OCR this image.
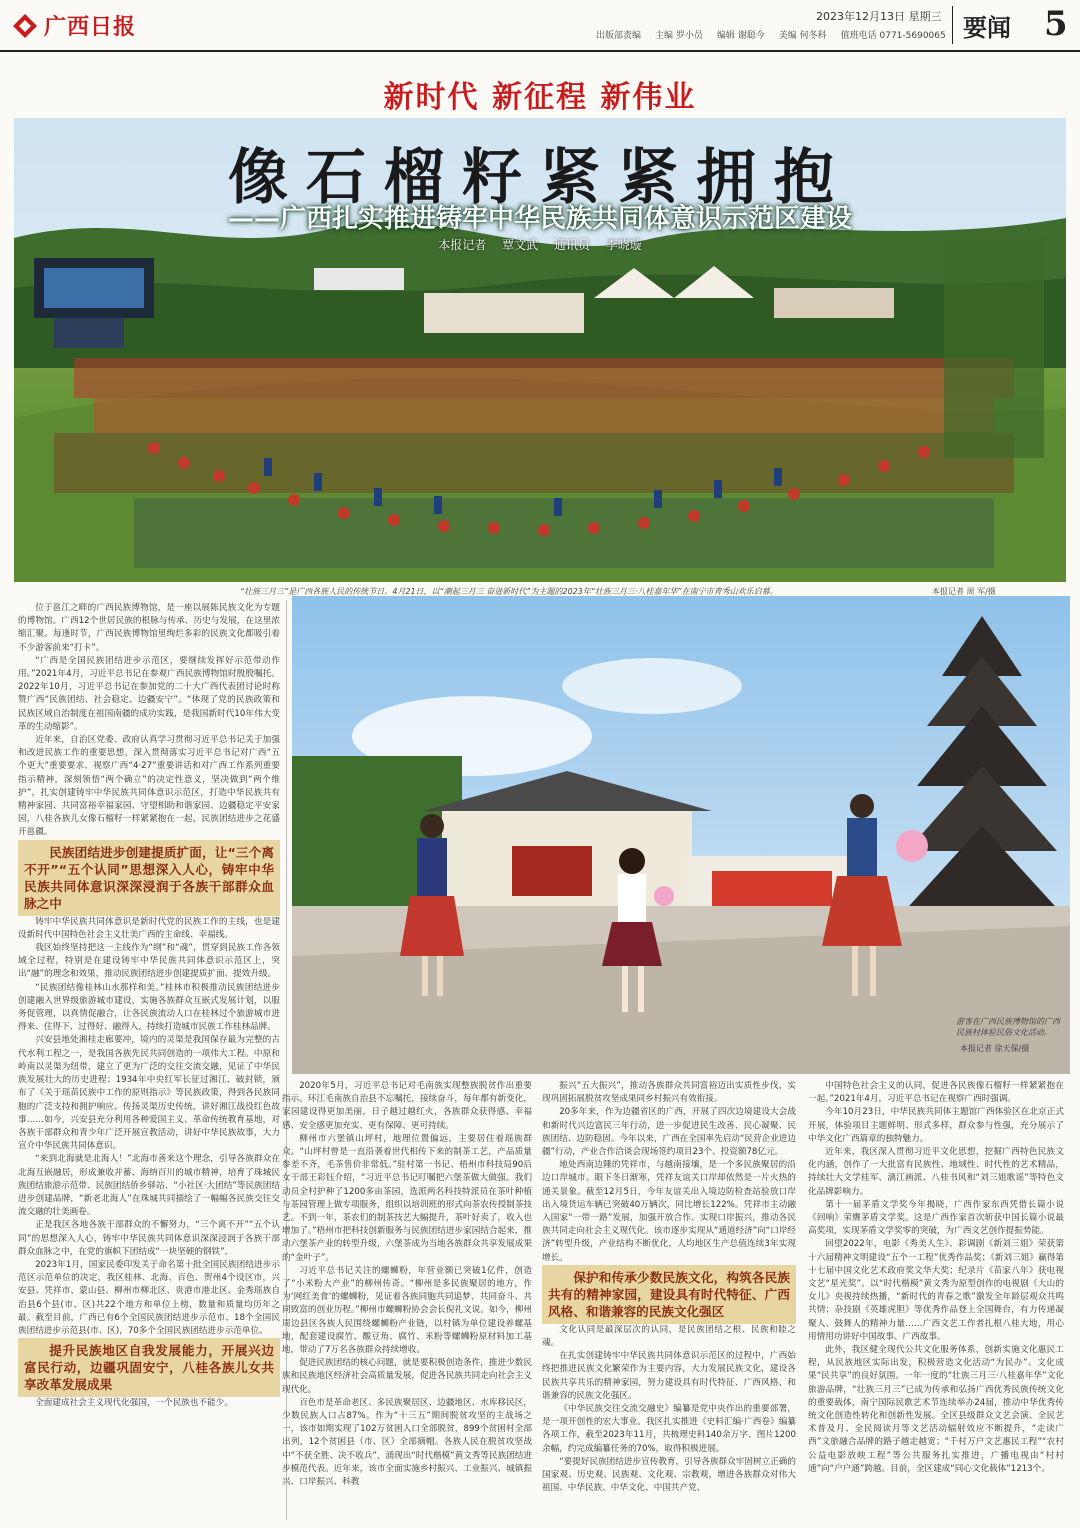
广西日报	2023年12月13日 星期三
出版部责编 主编 罗小员 编辑 谢聪今 美编 何冬科 值班电话 0771-5690065 要闻 5
新时代 新征程 新伟业
像石榴籽紧紧拥抱
——广西扎实推进铸牢中华民族共同体意识示范区建设
本报记者 覃文武 通讯员 李晓璇
“壮族三月三”是广西各族人民的传统节日。4月21日，以“潮起三月三 奋进新时代”为主题的2023年“壮族三月三·八桂嘉年华”在南宁市青秀山欢乐启幕。	本报记者 周 军/摄
游客在广西民族博物馆的广西民族村体验民俗文化活动。
本报记者 徐天保/摄

位于邕江之畔的广西民族博物馆，是一座以展陈民族文化为专题的博物馆。广西12个世居民族的根脉与传承、历史与发展，在这里浓缩汇聚。每逢时节，广西民族博物馆里绚烂多彩的民族文化都吸引着不少游客前来“打卡”。

“广西是全国民族团结进步示范区，要继续发挥好示范带动作用。”2021年4月，习近平总书记在参观广西民族博物馆时殷殷嘱托。2022年10月，习近平总书记在参加党的二十大广西代表团讨论时称赞广西“民族团结、社会稳定、边疆安宁”。“体现了党的民族政策和民族区域自治制度在祖国南疆的成功实践，是我国新时代10年伟大变革的生动缩影”。

近年来，自治区党委、政府认真学习贯彻习近平总书记关于加强和改进民族工作的重要思想，深入贯彻落实习近平总书记对广西“五个更大”重要要求、视察广西“4·27”重要讲话和对广西工作系列重要指示精神，深刻领悟“两个确立”的决定性意义，坚决做到“两个维护”，扎实创建铸牢中华民族共同体意识示范区，打造中华民族共有精神家园、共同富裕幸福家园、守望相助和谐家园、边疆稳定平安家园，八桂各族儿女像石榴籽一样紧紧抱在一起，民族团结进步之花盛开邕疆。

民族团结进步创建提质扩面，让“三个离不开”“五个认同”思想深入人心，铸牢中华民族共同体意识深深浸润于各族干部群众血脉之中

铸牢中华民族共同体意识是新时代党的民族工作的主线，也是建设新时代中国特色社会主义壮美广西的主命线、幸福线。

我区始终坚持把这一主线作为“纲”和“魂”，贯穿到民族工作各领域全过程，特别是在建设铸牢中华民族共同体意识示范区上，突出“融”的理念和效果，推动民族团结进步创建提质扩面、提效升级。

“民族团结像桂林山水那样和美。”桂林市积极推动民族团结进步创建融入世界级旅游城市建设，实施各族群众互嵌式发展计划，以服务促管理，以真情促融合，让各民族流动人口在桂林过个旅游城市进得来、住得下、过得好、融得入，持续打造城市民族工作桂林品牌。

兴安县地处湘桂走廊要冲，境内的灵渠是我国保存最为完整的古代水利工程之一，是我国各族先民共同创造的一项伟大工程。中原和岭南以灵渠为纽带，建立了更为广泛的交往交流交融，见证了中华民族发展壮大的历史进程；1934年中央红军长征过湘江、破封锁，颁布了《关于瑶苗民族中工作的原则指示》等民族政策，得到各民族同胞的广泛支持和拥护响应。传扬灵渠历史传统，讲好湘江战役红色故事……如今，兴安县充分利用各种爱国主义、革命传统教育基地，对各族干部群众和青少年广泛开展宣教活动，讲好中华民族故事，大力宣介中华民族共同体意识。

“来到北海就是北海人！”北海市善来这个理念，引导各族群众在北海互嵌融居，形成兼收并蓄、海纳百川的城市精神，培育了珠城民族团结旅游示范带、民族团结侨乡驿站、“小社区·大团结”等民族团结进步创建品牌，“新老北海人”在珠城共同描绘了一幅幅各民族交往交流交融的壮美画卷。

正是我区各地各族干部群众的不懈努力，“三个离不开”“五个认同”的思想深入人心，铸牢中华民族共同体意识深深浸润于各族干部群众血脉之中，在党的旗帜下团结成“一块坚硬的钢铁”。

2023年1月，国家民委印发关于命名第十批全国民族团结进步示范区示范单位的决定，我区桂林、北海、百色、贺州4个设区市，兴安县、凭祥市、蒙山县、柳州市柳北区、贵港市港北区、金秀瑶族自治县6个县(市、区)共22个地方和单位上榜，数量和质量均历年之最。截至目前，广西已有6个全国民族团结进步示范市、18个全国民族团结进步示范县(市、区)，70多个全国民族团结进步示范单位。

提升民族地区自我发展能力，开展兴边富民行动，边疆巩固安宁，八桂各族儿女共享改革发展成果

全面建成社会主义现代化强国，一个民族也不能少。

2020年5月，习近平总书记对毛南族实现整族脱贫作出重要指示。环江毛南族自治县不忘嘱托，接续奋斗，每年都有新变化，家园建设得更加美丽，日子越过越红火，各族群众获得感、幸福感、安全感更加充实、更有保障、更可持续。

柳州市六堡镇山坪村，地理位置偏远，主要居住着瑶族群众。“山坪村曾是一直沿袭着世代相传下来的制茶工艺，产品质量参差不齐，毛茶售价非常低。”驻村第一书记、梧州市科技局90后女干部王彩钰介绍，“习近平总书记叮嘱把六堡茶做大做强。我们动员全村护种了1200多亩茶园，选派两名科技特派员在茶叶种植与茶园管理上做专项服务，组织以培训班的形式向茶农传授制茶技艺。不到一年，茶农们的制茶技艺大幅提升，茶叶好卖了，收入也增加了。”梧州市把科技创新服务与民族团结进步家园结合起来，推动六堡茶产业的转型升级，六堡茶成为当地各族群众共享发展成果的“金叶子”。

习近平总书记关注的螺蛳粉，年营业额已突破1亿件，创造了“小米粉大产业”的柳州传奇。“柳州是多民族聚居的地方，作为‘网红美食’的螺蛳粉，见证着各族同胞共同追梦、共同奋斗、共同致富的创业历程。”柳州市螺蛳粉协会会长倪礼文说。如今，柳州周边县区各族人民围绕螺蛳粉产业链，以村镇为单位建设养螺基地，配套建设腐竹、酸豆角、腐竹、米粉等螺蛳粉原材料加工基地，带动了7万名各族群众持续增收。

促进民族团结的核心问题，就是要积极创造条件，推进少数民族和民族地区经济社会高质量发展，促进各民族共同走向社会主义现代化。

百色市是革命老区、多民族聚居区、边疆地区、水库移民区，少数民族人口占87%。作为“十三五”期间脱贫攻坚的主战场之一，该市如期实现了102万贫困人口全部脱贫，899个贫困村全部出列，12个贫困县（市、区）全部摘帽。各族人民在脱贫攻坚战中“不获全胜、决不收兵”，涌现出“时代楷模”黄文秀等民族团结进步模范代表。近年来，该市全面实施乡村振兴、工业振兴、城镇振兴、口岸振兴、科教

振兴“五大振兴”，推动各族群众共同富裕迈出实质性步伐，实现巩固拓展脱贫攻坚成果同乡村振兴有效衔接。

20多年来，作为边疆省区的广西，开展了四次边境建设大会战和新时代兴边富民三年行动，进一步促进民生改善、民心凝聚、民族团结、边防稳固。今年以来，广西在全国率先启动“民营企业进边疆”行动，产业合作洽谈会现场签约项目23个、投资额78亿元。

地处西南边陲的凭祥市，与越南接壤，是一个多民族聚居的沿边口岸城市。眼下冬日渐寒，凭祥友谊关口岸却依然是一片火热的通关景象。截至12月5日，今年友谊关出入境边防检查站验放口岸出入境货运车辆已突破40万辆次，同比增长122%。凭祥市主动融入国家“一带一路”发展，加强开放合作、实现口岸振兴，推动各民族共同走向社会主义现代化。该市逐步实现从“通道经济”向“口岸经济”转型升级，产业结构不断优化，人均地区生产总值连续3年实现增长。

保护和传承少数民族文化，构筑各民族共有的精神家园，建设具有时代特征、广西风格、和谐兼容的民族文化强区

文化认同是最深层次的认同，是民族团结之根、民族和睦之魂。

在扎实创建铸牢中华民族共同体意识示范区的过程中，广西始终把推进民族文化繁荣作为主要内容，大力发展民族文化，建设各民族共享共乐的精神家园，努力建设具有时代特征、广西风格、和谐兼容的民族文化强区。

《中华民族交往交流交融史》编纂是党中央作出的重要部署，是一项开创性的宏大事业。我区扎实推进《史料汇编·广西卷》编纂各项工作，截至2023年11月，共梳理史料140余万字、图片1200余幅，约完成编纂任务的70%，取得积极进展。

“要提好民族团结进步宣传教育，引导各族群众牢固树立正确的国家观、历史观、民族观、文化观、宗教观，增进各族群众对伟大祖国、中华民族、中华文化、中国共产党、

中国特色社会主义的认同，促进各民族像石榴籽一样紧紧抱在一起。”2021年4月，习近平总书记在视察广西时强调。

今年10月23日，中华民族共同体主题馆广西体验区在北京正式开展，体验项目主题鲜明、形式多样，群众参与性强，充分展示了中华文化广西篇章的独特魅力。

近年来，我区深入贯彻习近平文化思想，挖掘广西特色民族文化内涵，创作了一大批富有民族性、地域性、时代性的艺术精品，持续壮大文学桂军、漓江画派、八桂书风和“刘三姐歌谣”等特色文化品牌影响力。

第十一届茅盾文学奖今年揭晓，广西作家东西凭借长篇小说《回响》荣膺茅盾文学奖。这是广西作家首次斩获中国长篇小说最高奖项，实现茅盾文学奖零的突破，为广西文艺创作提振势能。

回望2022年，电影《秀美人生》、彩调剧《新刘三姐》荣获第十六届精神文明建设“五个一工程”优秀作品奖；《新刘三姐》赢得第十七届中国文化艺术政府奖文华大奖；纪录片《苗家八年》获电视文艺“星光奖”。以“时代楷模”黄文秀为原型创作的电视剧《大山的女儿》央视持续热播，“新时代的青春之歌”激发全年龄层观众共鸣共情；杂技剧《英雄虎胆》等优秀作品登上全国舞台，有力传递凝聚人、鼓舞人的精神力量……广西文艺工作者扎根八桂大地，用心用情用功讲好中国故事、广西故事。

此外，我区健全现代公共文化服务体系，创新实施文化惠民工程，从民族地区实际出发，积极营造文化活动“为民办”、文化成果“民共享”的良好氛围。一年一度的“壮族三月三·八桂嘉年华”文化旅游品牌，“壮族三月三”已成为传承和弘扬广西优秀民族传统文化的重要载体，南宁国际民歌艺术节连续举办24届，推动中华优秀传统文化创造性转化和创新性发展。全区县级群众文艺会演、全民艺术普及月、全民阅读月等文艺活动辐射效应不断提升，“走读广西”文旅融合品牌的路子越走越宽；“千村万户文艺惠民工程”“农村公益电影放映工程”等公共服务扎实推进，广播电视由“村村通”向“户户通”跨越。目前，全区建成“同心文化载体”1213个。
